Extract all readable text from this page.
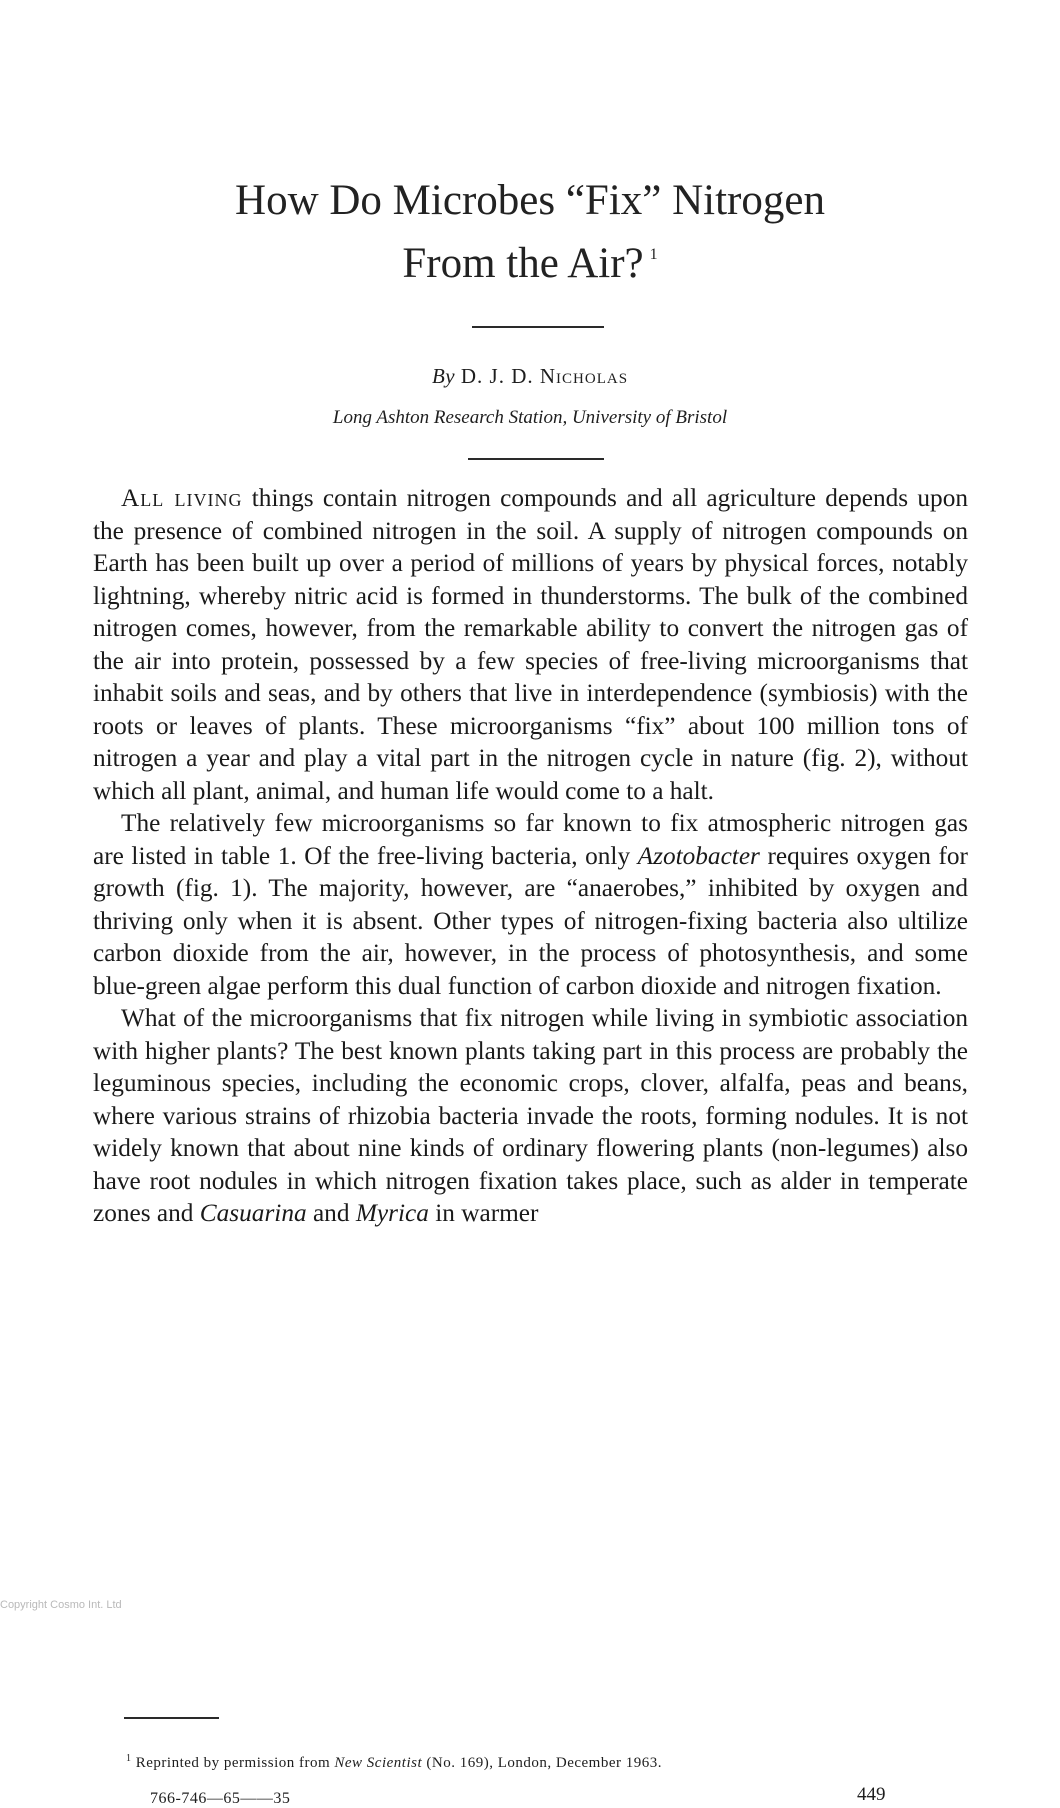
How Do Microbes “Fix” Nitrogen
From the Air? $^1$
By D. J. D. Nicholas
Long Ashton Research Station, University of Bristol

All living things contain nitrogen compounds and all agriculture depends upon the presence of combined nitrogen in the soil. A supply of nitrogen compounds on Earth has been built up over a period of millions of years by physical forces, notably lightning, whereby nitric acid is formed in thunderstorms. The bulk of the combined nitrogen comes, however, from the remarkable ability to convert the nitrogen gas of the air into protein, possessed by a few species of free-living microorganisms that inhabit soils and seas, and by others that live in interdependence (symbiosis) with the roots or leaves of plants. These microorganisms “fix” about 100 million tons of nitrogen a year and play a vital part in the nitrogen cycle in nature (fig. 2), without which all plant, animal, and human life would come to a halt.

The relatively few microorganisms so far known to fix atmospheric nitrogen gas are listed in table 1. Of the free-living bacteria, only Azotobacter requires oxygen for growth (fig. 1). The majority, however, are “anaerobes,” inhibited by oxygen and thriving only when it is absent. Other types of nitrogen-fixing bacteria also ultilize carbon dioxide from the air, however, in the process of photosynthesis, and some blue-green algae perform this dual function of carbon dioxide and nitrogen fixation.

What of the microorganisms that fix nitrogen while living in symbiotic association with higher plants? The best known plants taking part in this process are probably the leguminous species, including the economic crops, clover, alfalfa, peas and beans, where various strains of rhizobia bacteria invade the roots, forming nodules. It is not widely known that about nine kinds of ordinary flowering plants (non-legumes) also have root nodules in which nitrogen fixation takes place, such as alder in temperate zones and Casuarina and Myrica in warmer

$^1$ Reprinted by permission from New Scientist (No. 169), London, December 1963.
766-746—65——35	449
Copyright Cosmo Int. Ltd
